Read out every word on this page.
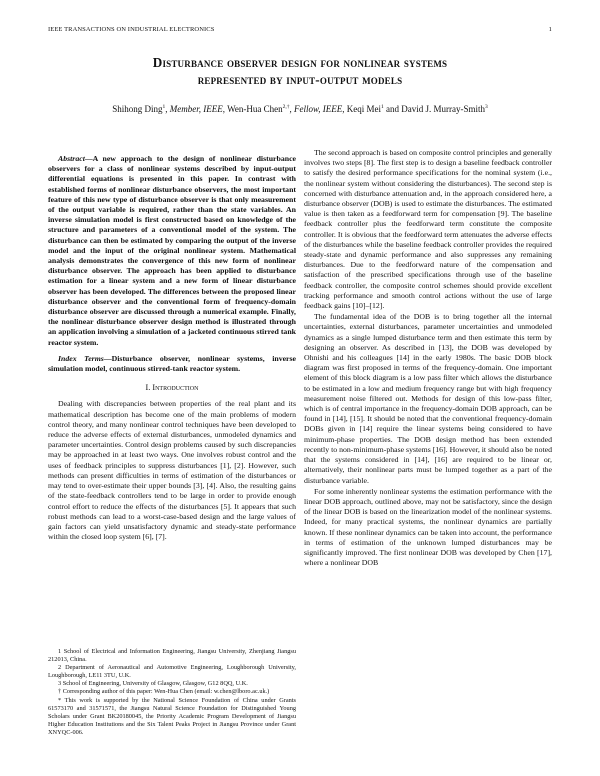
IEEE TRANSACTIONS ON INDUSTRIAL ELECTRONICS	1
Disturbance observer design for nonlinear systems
represented by input-output models
Shihong Ding$^1$, Member, IEEE, Wen-Hua Chen$^{2,\dagger}$, Fellow, IEEE, Keqi Mei$^1$ and David J. Murray-Smith$^3$

Abstract—A new approach to the design of nonlinear disturbance observers for a class of nonlinear systems described by input-output differential equations is presented in this paper. In contrast with established forms of nonlinear disturbance observers, the most important feature of this new type of disturbance observer is that only measurement of the output variable is required, rather than the state variables. An inverse simulation model is first constructed based on knowledge of the structure and parameters of a conventional model of the system. The disturbance can then be estimated by comparing the output of the inverse model and the input of the original nonlinear system. Mathematical analysis demonstrates the convergence of this new form of nonlinear disturbance observer. The approach has been applied to disturbance estimation for a linear system and a new form of linear disturbance observer has been developed. The differences between the proposed linear disturbance observer and the conventional form of frequency-domain disturbance observer are discussed through a numerical example. Finally, the nonlinear disturbance observer design method is illustrated through an application involving a simulation of a jacketed continuous stirred tank reactor system.

Index Terms—Disturbance observer, nonlinear systems, inverse simulation model, continuous stirred-tank reactor system.

I. Introduction

Dealing with discrepancies between properties of the real plant and its mathematical description has become one of the main problems of modern control theory, and many nonlinear control techniques have been developed to reduce the adverse effects of external disturbances, unmodeled dynamics and parameter uncertainties. Control design problems caused by such discrepancies may be approached in at least two ways. One involves robust control and the uses of feedback principles to suppress disturbances [1], [2]. However, such methods can present difficulties in terms of estimation of the disturbances or may tend to over-estimate their upper bounds [3], [4]. Also, the resulting gains of the state-feedback controllers tend to be large in order to provide enough control effort to reduce the effects of the disturbances [5]. It appears that such robust methods can lead to a worst-case-based design and the large values of gain factors can yield unsatisfactory dynamic and steady-state performance within the closed loop system [6], [7].

1 School of Electrical and Information Engineering, Jiangsu University, Zhenjiang Jiangsu 212013, China.

2 Department of Aeronautical and Automotive Engineering, Loughborough University, Loughborough, LE11 3TU, U.K.

3 School of Engineering, University of Glasgow, Glasgow, G12 8QQ, U.K.

† Corresponding author of this paper: Wen-Hua Chen (email: w.chen@lboro.ac.uk.)

* This work is supported by the National Science Foundation of China under Grants 61573170 and 31571571, the Jiangsu Natural Science Foundation for Distinguished Young Scholars under Grant BK20180045, the Priority Academic Program Development of Jiangsu Higher Education Institutions and the Six Talent Peaks Project in Jiangsu Province under Grant XNYQC-006.

The second approach is based on composite control principles and generally involves two steps [8]. The first step is to design a baseline feedback controller to satisfy the desired performance specifications for the nominal system (i.e., the nonlinear system without considering the disturbances). The second step is concerned with disturbance attenuation and, in the approach considered here, a disturbance observer (DOB) is used to estimate the disturbances. The estimated value is then taken as a feedforward term for compensation [9]. The baseline feedback controller plus the feedforward term constitute the composite controller. It is obvious that the feedforward term attenuates the adverse effects of the disturbances while the baseline feedback controller provides the required steady-state and dynamic performance and also suppresses any remaining disturbances. Due to the feedforward nature of the compensation and satisfaction of the prescribed specifications through use of the baseline feedback controller, the composite control schemes should provide excellent tracking performance and smooth control actions without the use of large feedback gains [10]–[12].

The fundamental idea of the DOB is to bring together all the internal uncertainties, external disturbances, parameter uncertainties and unmodeled dynamics as a single lumped disturbance term and then estimate this term by designing an observer. As described in [13], the DOB was developed by Ohnishi and his colleagues [14] in the early 1980s. The basic DOB block diagram was first proposed in terms of the frequency-domain. One important element of this block diagram is a low pass filter which allows the disturbance to be estimated in a low and medium frequency range but with high frequency measurement noise filtered out. Methods for design of this low-pass filter, which is of central importance in the frequency-domain DOB approach, can be found in [14], [15]. It should be noted that the conventional frequency-domain DOBs given in [14] require the linear systems being considered to have minimum-phase properties. The DOB design method has been extended recently to non-minimum-phase systems [16]. However, it should also be noted that the systems considered in [14], [16] are required to be linear or, alternatively, their nonlinear parts must be lumped together as a part of the disturbance variable.

For some inherently nonlinear systems the estimation performance with the linear DOB approach, outlined above, may not be satisfactory, since the design of the linear DOB is based on the linearization model of the nonlinear systems. Indeed, for many practical systems, the nonlinear dynamics are partially known. If these nonlinear dynamics can be taken into account, the performance in terms of estimation of the unknown lumped disturbances may be significantly improved. The first nonlinear DOB was developed by Chen [17], where a nonlinear DOB
